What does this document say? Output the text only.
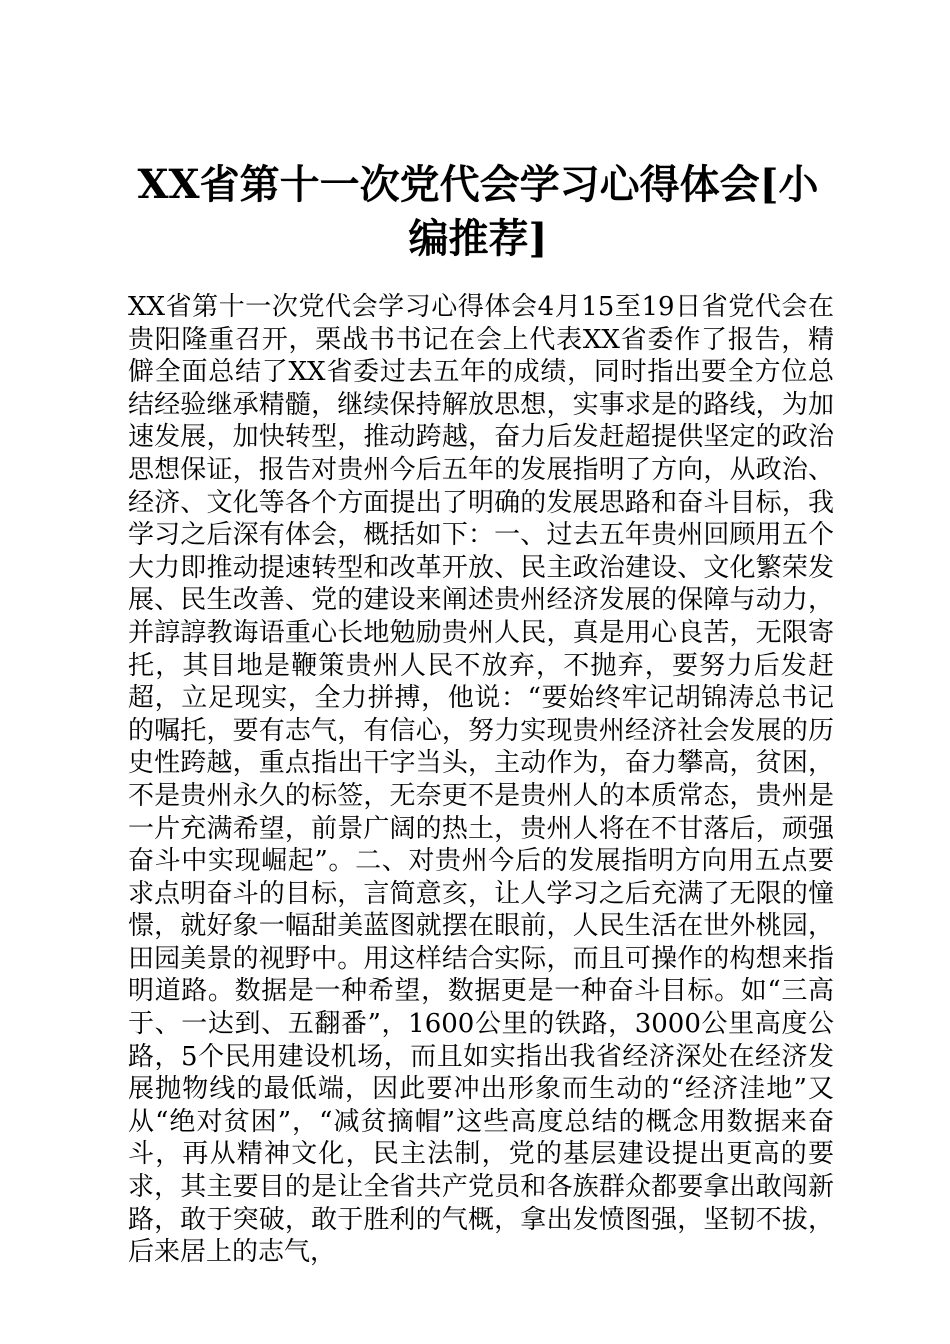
XX省第十一次党代会学习心得体会[小编推荐]

XX省第十一次党代会学习心得体会4月15至19日省党代会在贵阳隆重召开，栗战书书记在会上代表XX省委作了报告，精僻全面总结了XX省委过去五年的成绩，同时指出要全方位总结经验继承精髓，继续保持解放思想，实事求是的路线，为加速发展，加快转型，推动跨越，奋力后发赶超提供坚定的政治思想保证，报告对贵州今后五年的发展指明了方向，从政治、经济、文化等各个方面提出了明确的发展思路和奋斗目标，我学习之后深有体会，概括如下：一、过去五年贵州回顾用五个大力即推动提速转型和改革开放、民主政治建设、文化繁荣发展、民生改善、党的建设来阐述贵州经济发展的保障与动力，并諄諄教诲语重心长地勉励贵州人民，真是用心良苦，无限寄托，其目地是鞭策贵州人民不放弃，不抛弃，要努力后发赶超，立足现实，全力拼搏，他说：“要始终牢记胡锦涛总书记的嘱托，要有志气，有信心，努力实现贵州经济社会发展的历史性跨越，重点指出干字当头，主动作为，奋力攀高，贫困，不是贵州永久的标签，无奈更不是贵州人的本质常态，贵州是一片充满希望，前景广阔的热土，贵州人将在不甘落后，顽强奋斗中实现崛起”。二、对贵州今后的发展指明方向用五点要求点明奋斗的目标，言简意亥，让人学习之后充满了无限的憧憬，就好象一幅甜美蓝图就摆在眼前，人民生活在世外桃园，田园美景的视野中。用这样结合实际，而且可操作的构想来指明道路。数据是一种希望，数据更是一种奋斗目标。如“三高于、一达到、五翻番”，1600公里的铁路，3000公里高度公路，5个民用建设机场，而且如实指出我省经济深处在经济发展抛物线的最低端，因此要冲出形象而生动的“经济洼地”又从“绝对贫困”，“减贫摘帽”这些高度总结的概念用数据来奋斗，再从精神文化，民主法制，党的基层建设提出更高的要求，其主要目的是让全省共产党员和各族群众都要拿出敢闯新路，敢于突破，敢于胜利的气概，拿出发愤图强，坚韧不拔，后来居上的志气，
